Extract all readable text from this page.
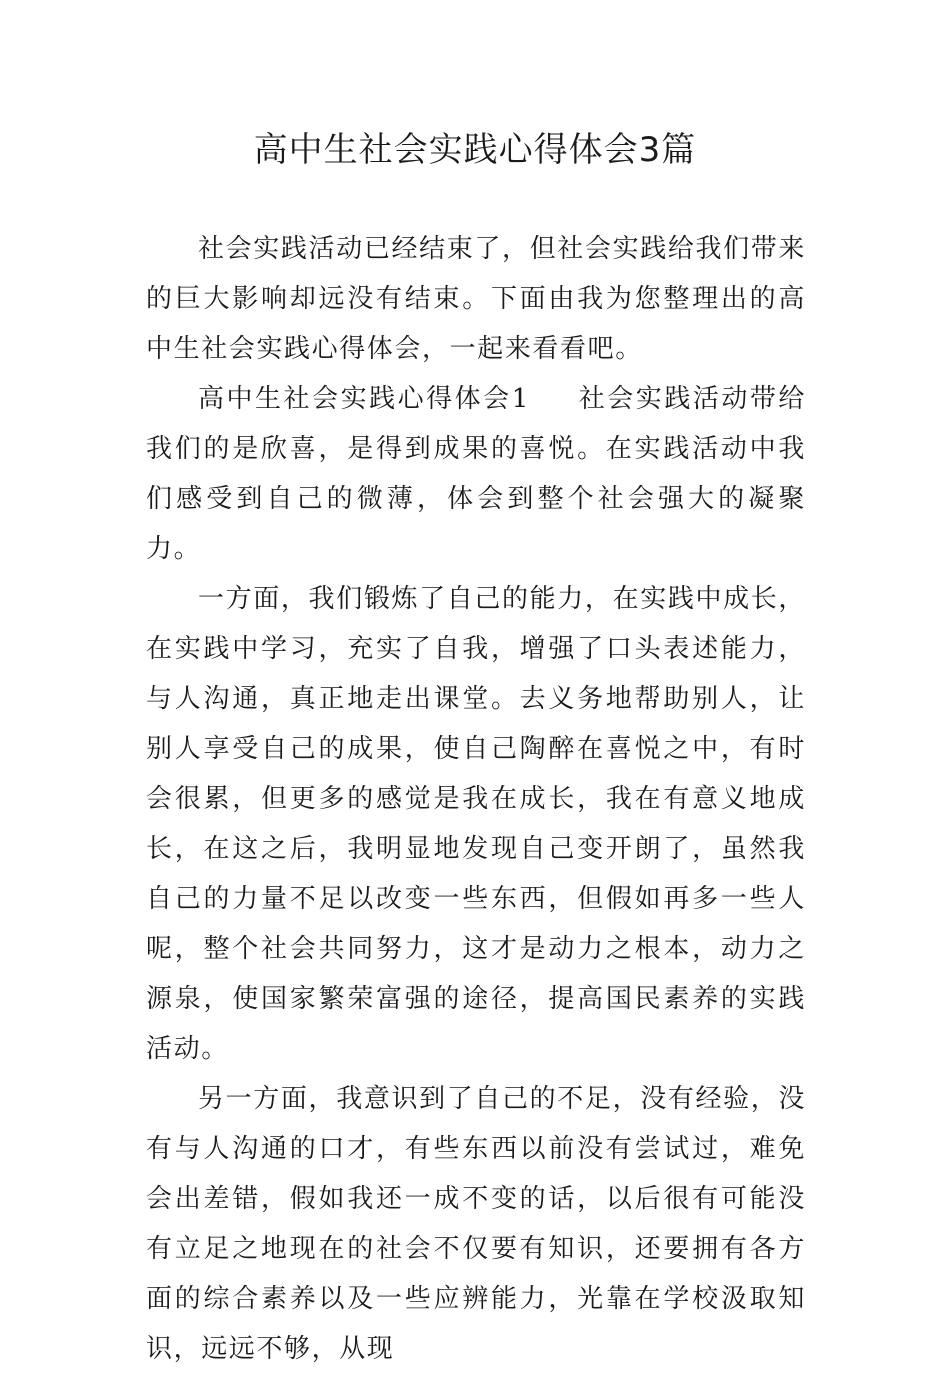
高中生社会实践心得体会3篇

社会实践活动已经结束了，但社会实践给我们带来的巨大影响却远没有结束。下面由我为您整理出的高中生社会实践心得体会，一起来看看吧。

高中生社会实践心得体会1 社会实践活动带给我们的是欣喜，是得到成果的喜悦。在实践活动中我们感受到自己的微薄，体会到整个社会强大的凝聚力。

一方面，我们锻炼了自己的能力，在实践中成长，在实践中学习，充实了自我，增强了口头表述能力，与人沟通，真正地走出课堂。去义务地帮助别人，让别人享受自己的成果，使自己陶醉在喜悦之中，有时会很累，但更多的感觉是我在成长，我在有意义地成长，在这之后，我明显地发现自己变开朗了，虽然我自己的力量不足以改变一些东西，但假如再多一些人呢，整个社会共同努力，这才是动力之根本，动力之源泉，使国家繁荣富强的途径，提高国民素养的实践活动。

另一方面，我意识到了自己的不足，没有经验，没有与人沟通的口才，有些东西以前没有尝试过，难免会出差错，假如我还一成不变的话，以后很有可能没有立足之地现在的社会不仅要有知识，还要拥有各方面的综合素养以及一些应辨能力，光靠在学校汲取知识，远远不够，从现
